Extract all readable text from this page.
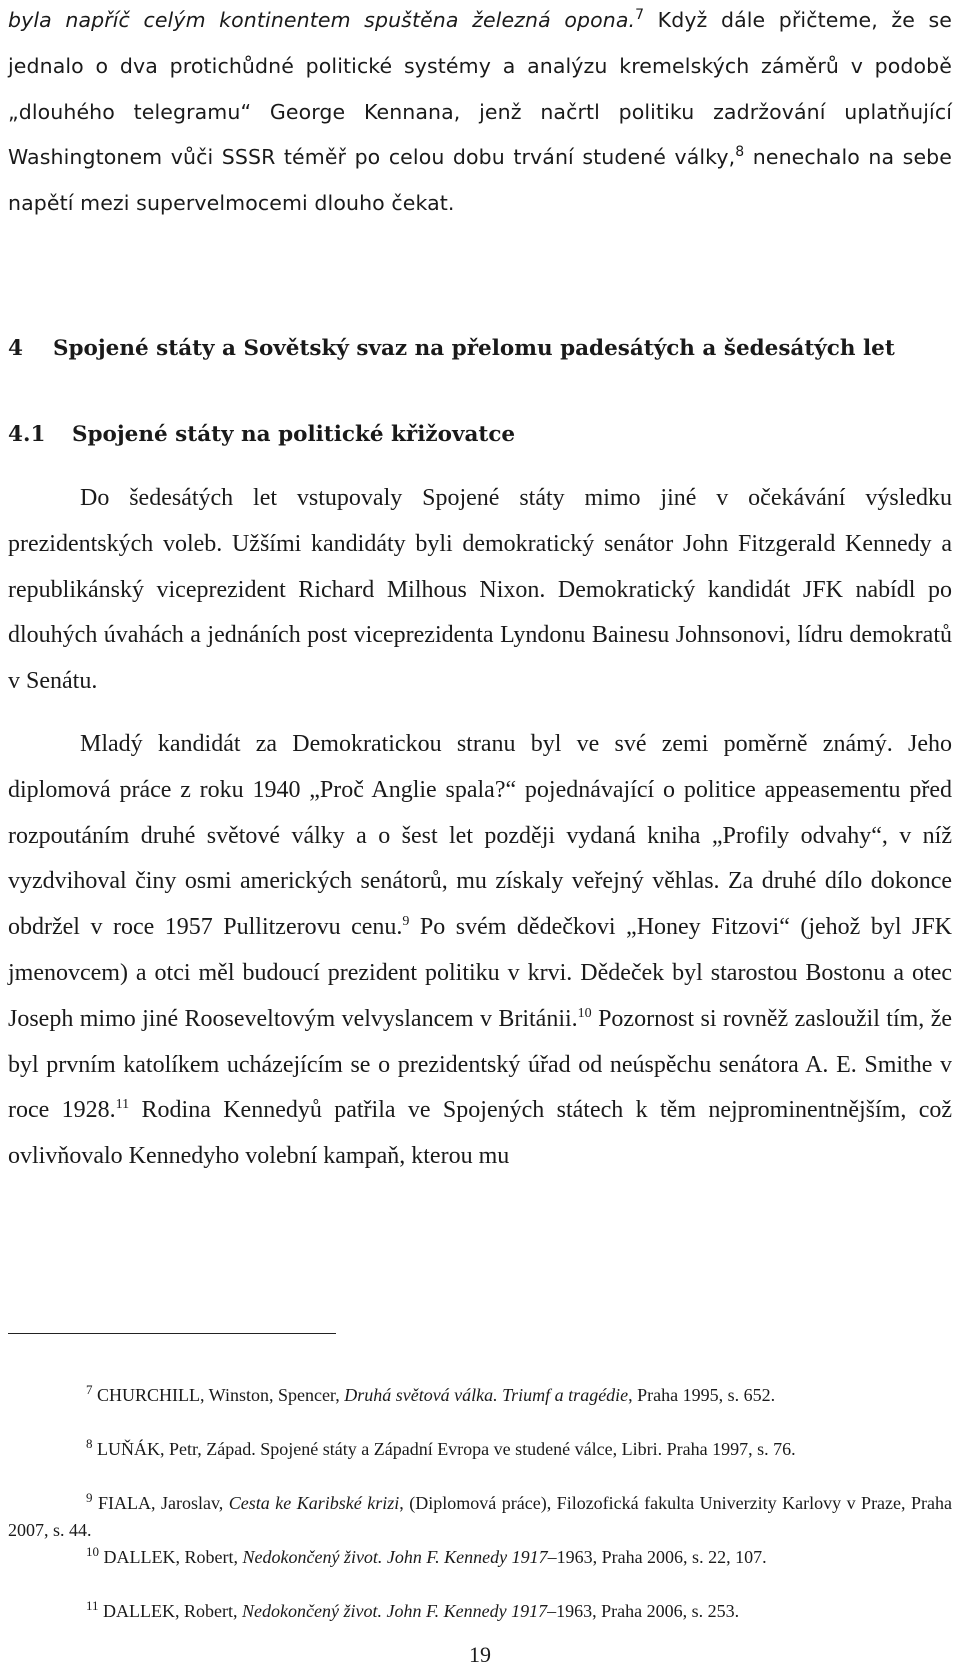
byla napříč celým kontinentem spuštěna železná opona.$^7$ Když dále přičteme, že se jednalo o dva protichůdné politické systémy a analýzu kremelských záměrů v podobě „dlouhého telegramu“ George Kennana, jenž načrtl politiku zadržování uplatňující Washingtonem vůči SSSR téměř po celou dobu trvání studené války,$^8$ nenechalo na sebe napětí mezi supervelmocemi dlouho čekat.

4 Spojené státy a Sovětský svaz na přelomu padesátých a šedesátých let
4.1 Spojené státy na politické křižovatce

Do šedesátých let vstupovaly Spojené státy mimo jiné v očekávání výsledku prezidentských voleb. Užšími kandidáty byli demokratický senátor John Fitzgerald Kennedy a republikánský viceprezident Richard Milhous Nixon. Demokratický kandidát JFK nabídl po dlouhých úvahách a jednáních post viceprezidenta Lyndonu Bainesu Johnsonovi, lídru demokratů v Senátu.

Mladý kandidát za Demokratickou stranu byl ve své zemi poměrně známý. Jeho diplomová práce z roku 1940 „Proč Anglie spala?“ pojednávající o politice appeasementu před rozpoutáním druhé světové války a o šest let později vydaná kniha „Profily odvahy“, v níž vyzdvihoval činy osmi amerických senátorů, mu získaly veřejný věhlas. Za druhé dílo dokonce obdržel v roce 1957 Pullitzerovu cenu.$^9$ Po svém dědečkovi „Honey Fitzovi“ (jehož byl JFK jmenovcem) a otci měl budoucí prezident politiku v krvi. Dědeček byl starostou Bostonu a otec Joseph mimo jiné Rooseveltovým velvyslancem v Británii.$^{10}$ Pozornost si rovněž zasloužil tím, že byl prvním katolíkem ucházejícím se o prezidentský úřad od neúspěchu senátora A. E. Smithe v roce 1928.11 Rodina Kennedyů patřila ve Spojených státech k těm nejprominentnějším, což ovlivňovalo Kennedyho volební kampaň, kterou mu

$^7$ CHURCHILL, Winston, Spencer, Druhá světová válka. Triumf a tragédie, Praha 1995, s. 652.

$^8$ LUŇÁK, Petr, Západ. Spojené státy a Západní Evropa ve studené válce, Libri. Praha 1997, s. 76.

$^9$ FIALA, Jaroslav, Cesta ke Karibské krizi, (Diplomová práce), Filozofická fakulta Univerzity Karlovy v Praze, Praha 2007, s. 44.

$^{10}$ DALLEK, Robert, Nedokončený život. John F. Kennedy 1917–1963, Praha 2006, s. 22, 107.

$^{11}$ DALLEK, Robert, Nedokončený život. John F. Kennedy 1917–1963, Praha 2006, s. 253.

19
